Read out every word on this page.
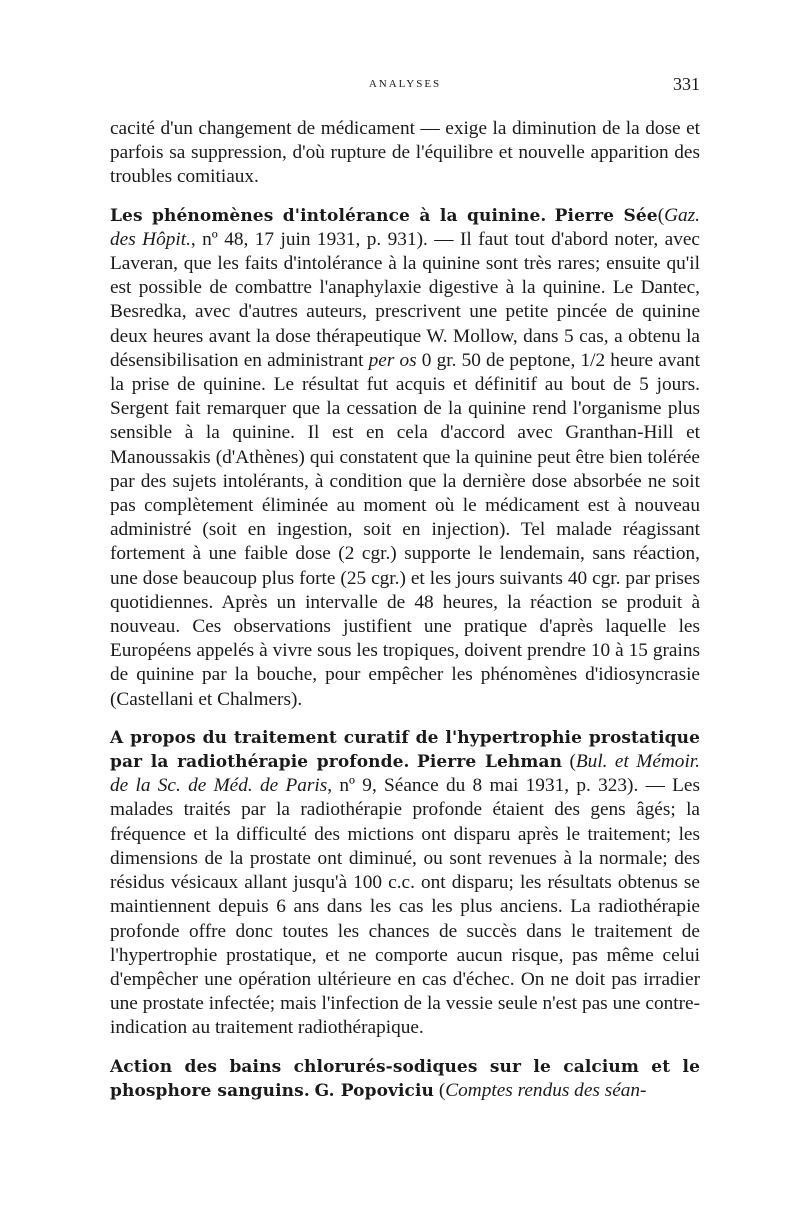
ANALYSES	331

cacité d'un changement de médicament — exige la diminution de la dose et parfois sa suppression, d'où rupture de l'équilibre et nouvelle apparition des troubles comitiaux.

Les phénomènes d'intolérance à la quinine. Pierre Sée(Gaz. des Hôpit., nº 48, 17 juin 1931, p. 931). — Il faut tout d'abord noter, avec Laveran, que les faits d'intolérance à la quinine sont très rares; ensuite qu'il est possible de combattre l'anaphylaxie digestive à la quinine. Le Dantec, Besredka, avec d'autres auteurs, prescrivent une petite pincée de quinine deux heures avant la dose thérapeutique W. Mollow, dans 5 cas, a obtenu la désensibilisation en administrant per os 0 gr. 50 de peptone, 1/2 heure avant la prise de quinine. Le résultat fut acquis et définitif au bout de 5 jours. Sergent fait remarquer que la cessation de la quinine rend l'organisme plus sensible à la quinine. Il est en cela d'accord avec Granthan-Hill et Manoussakis (d'Athènes) qui constatent que la quinine peut être bien tolérée par des sujets intolérants, à condition que la dernière dose absorbée ne soit pas complètement éliminée au moment où le médicament est à nouveau administré (soit en ingestion, soit en injection). Tel malade réagissant fortement à une faible dose (2 cgr.) supporte le lendemain, sans réaction, une dose beaucoup plus forte (25 cgr.) et les jours suivants 40 cgr. par prises quotidiennes. Après un intervalle de 48 heures, la réaction se produit à nouveau. Ces observations justifient une pratique d'après laquelle les Européens appelés à vivre sous les tropiques, doivent prendre 10 à 15 grains de quinine par la bouche, pour empêcher les phénomènes d'idiosyncrasie (Castellani et Chalmers).

A propos du traitement curatif de l'hypertrophie prostatique par la radiothérapie profonde. Pierre Lehman (Bul. et Mémoir. de la Sc. de Méd. de Paris, nº 9, Séance du 8 mai 1931, p. 323). — Les malades traités par la radiothérapie profonde étaient des gens âgés; la fréquence et la difficulté des mictions ont disparu après le traitement; les dimensions de la prostate ont diminué, ou sont revenues à la normale; des résidus vésicaux allant jusqu'à 100 c.c. ont disparu; les résultats obtenus se maintiennent depuis 6 ans dans les cas les plus anciens. La radiothérapie profonde offre donc toutes les chances de succès dans le traitement de l'hypertrophie prostatique, et ne comporte aucun risque, pas même celui d'empêcher une opération ultérieure en cas d'échec. On ne doit pas irradier une prostate infectée; mais l'infection de la vessie seule n'est pas une contre-indication au traitement radiothérapique.

Action des bains chlorurés-sodiques sur le calcium et le phosphore sanguins. G. Popoviciu (Comptes rendus des séan-
